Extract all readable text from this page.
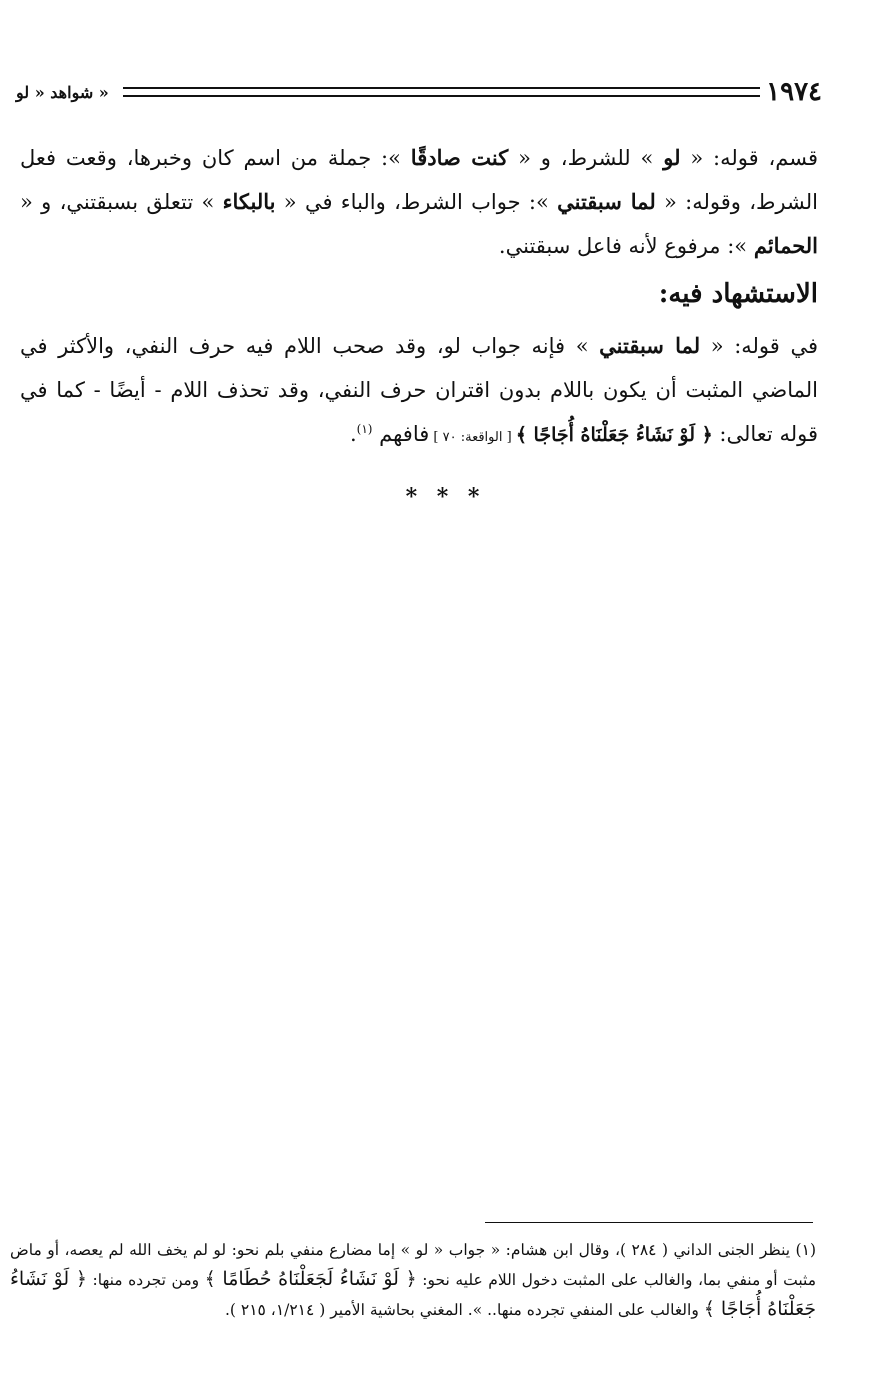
شواهد « لو »	١٩٧٤

قسم، قوله: « لو » للشرط، و « كنت صادقًا »: جملة من اسم كان وخبرها، وقعت فعل الشرط، وقوله: « لما سبقتني »: جواب الشرط، والباء في « بالبكاء » تتعلق بسبقتني، و « الحمائم »: مرفوع لأنه فاعل سبقتني.

الاستشهاد فيه:

في قوله: « لما سبقتني » فإنه جواب لو، وقد صحب اللام فيه حرف النفي، والأكثر في الماضي المثبت أن يكون باللام بدون اقتران حرف النفي، وقد تحذف اللام - أيضًا - كما في قوله تعالى: ﴿ لَوْ نَشَاءُ جَعَلْنَاهُ أُجَاجًا ﴾ [ الواقعة: ٧٠ ] فافهم $^{(١)}$.

* * *
(١) ينظر الجنى الداني ( ٢٨٤ )، وقال ابن هشام: « جواب « لو » إما مضارع منفي بلم نحو: لو لم يخف الله لم يعصه، أو ماض مثبت أو منفي بما، والغالب على المثبت دخول اللام عليه نحو: ﴿ لَوْ نَشَاءُ لَجَعَلْنَاهُ حُطَامًا ﴾ ومن تجرده منها: ﴿ لَوْ نَشَاءُ جَعَلْنَاهُ أُجَاجًا ﴾ والغالب على المنفي تجرده منها.. ». المغني بحاشية الأمير ( ١/٢١٤، ٢١٥ ).
